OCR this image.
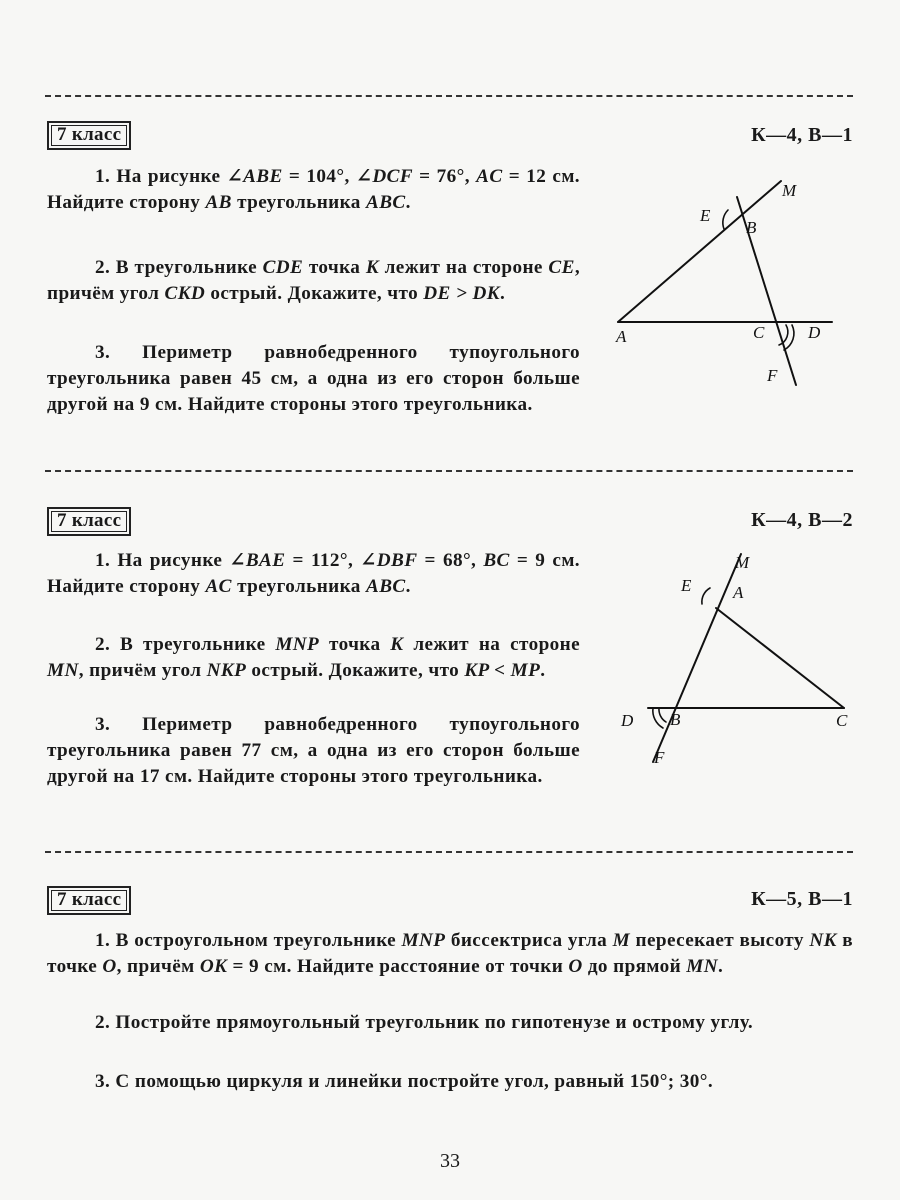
7 класс	К—4, В—1
1. На рисунке ∠ABE = 104°, ∠DCF = 76°, AC = 12 см. Найдите сторону AB треугольника ABC.
2. В треугольнике CDE точка K лежит на стороне CE, причём угол CKD острый. Докажите, что DE > DK.
3. Периметр равнобедренного тупоугольного треугольника равен 45 см, а одна из его сторон больше другой на 9 см. Найдите стороны этого треугольника.
M
E
B
A	C	D
F
7 класс	К—4, В—2
1. На рисунке ∠BAE = 112°, ∠DBF = 68°, BC = 9 см. Найдите сторону AC треугольника ABC.
2. В треугольнике MNP точка K лежит на стороне MN, причём угол NKP острый. Докажите, что KP < MP.
3. Периметр равнобедренного тупоугольного треугольника равен 77 см, а одна из его сторон больше другой на 17 см. Найдите стороны этого треугольника.
M
E A
D B	C
F
7 класс	К—5, В—1
1. В остроугольном треугольнике MNP биссектриса угла M пересекает высоту NK в точке O, причём OK = 9 см. Найдите расстояние от точки O до прямой MN.
2. Постройте прямоугольный треугольник по гипотенузе и острому углу.
3. С помощью циркуля и линейки постройте угол, равный 150°; 30°.
33
